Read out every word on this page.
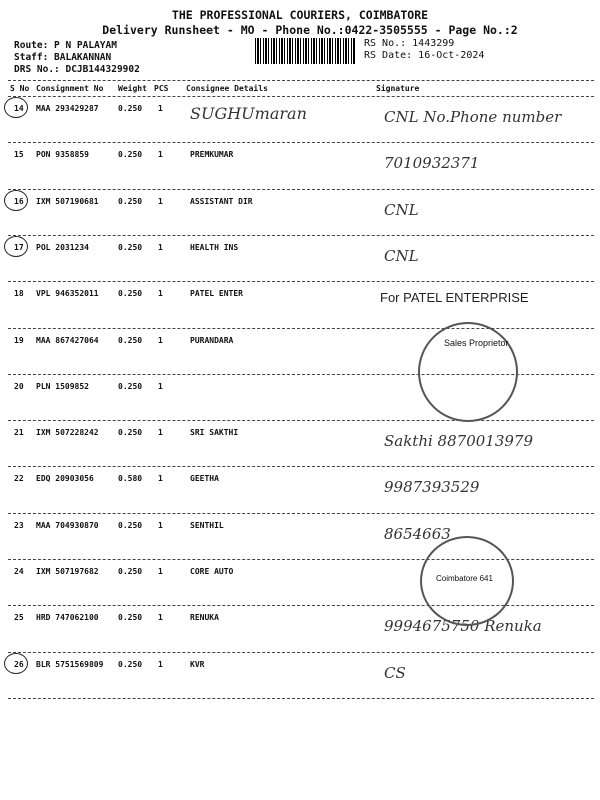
THE PROFESSIONAL COURIERS, COIMBATORE
Delivery Runsheet - MO - Phone No.:0422-3505555 - Page No.:2
Route: P N PALAYAM
Staff: BALAKANNAN
DRS No.: DCJB144329902
RS No.: 1443299
RS Date: 16-Oct-2024
S No Consignment No Weight PCS Consignee Details	Signature
14 MAA 293429287 0.250 1 SUGHUmaran	CNL No.Phone number
15 PON 9358859	0.250 1	PREMKUMAR	7010932371
16 IXM 507190681 0.250 1	ASSISTANT DIR	CNL
17 POL 2031234	0.250 1	HEALTH INS	CNL
18 VPL 946352011 0.250 1	PATEL ENTER
19 MAA 867427064 0.250 1	PURANDARA
20 PLN 1509852	0.250 1
21 IXM 507228242 0.250 1	SRI SAKTHI	Sakthi 8870013979
22 EDQ 20903056	0.580 1	GEETHA	9987393529
23 MAA 704930870 0.250 1	SENTHIL	8654663
24 IXM 507197682 0.250 1	CORE AUTO
25 HRD 747062100 0.250 1	RENUKA	9994675750 Renuka
26 BLR 5751569809 0.250 1	KVR	CS
For PATEL ENTERPRISE
Sales Proprietor
Coimbatore 641
